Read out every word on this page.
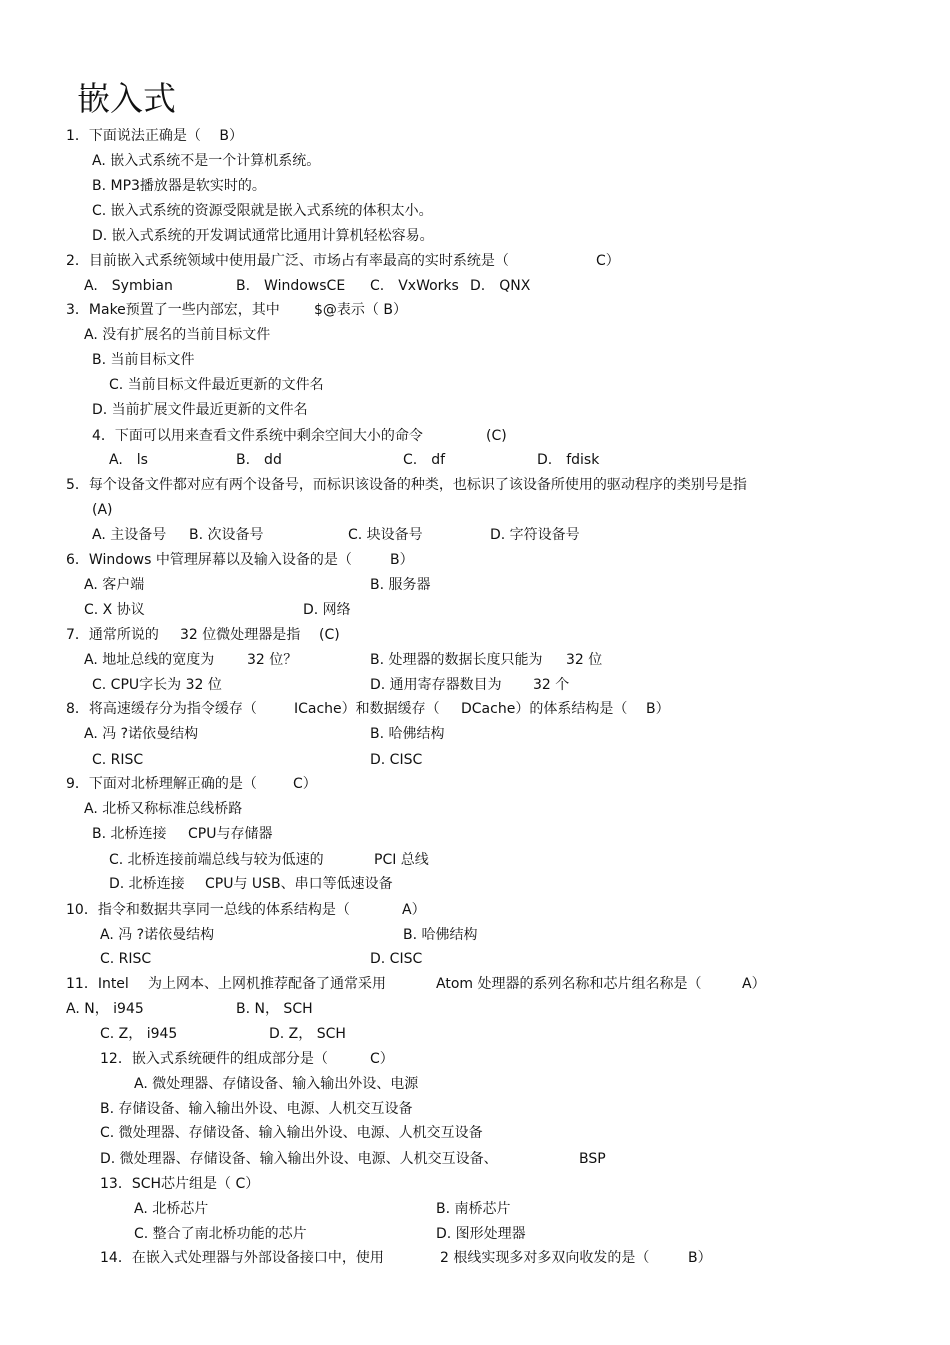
嵌入式
1．下面说法正确是（　 B）
A. 嵌入式系统不是一个计算机系统。
B. MP3播放器是软实时的。
C. 嵌入式系统的资源受限就是嵌入式系统的体积太小。
D. 嵌入式系统的开发调试通常比通用计算机轻松容易。
2．目前嵌入式系统领域中使用最广泛、市场占有率最高的实时系统是（	C）
A.　Symbian	B.　WindowsCE C.　VxWorks D.　QNX
3．Make预置了一些内部宏，其中 $@表示（ B）
A. 没有扩展名的当前目标文件
B. 当前目标文件
C. 当前目标文件最近更新的文件名
D. 当前扩展文件最近更新的文件名
4．下面可以用来查看文件系统中剩余空间大小的命令	(C)
A.　ls	B.　dd	C.　df	D.　fdisk
5．每个设备文件都对应有两个设备号，而标识该设备的种类，也标识了该设备所使用的驱动程序的类别号是指
(A)
A. 主设备号 B. 次设备号	C. 块设备号	D. 字符设备号
6．Windows 中管理屏幕以及输入设备的是（	B）
A. 客户端	B. 服务器
C. X 协议	D. 网络
7．通常所说的 32 位微处理器是指 (C)
A. 地址总线的宽度为 32 位？	B. 处理器的数据长度只能为 32 位
C. CPU字长为 32 位	D. 通用寄存器数目为 32 个
8．将高速缓存分为指令缓存（	ICache）和数据缓存（ DCache）的体系结构是（ B）
A. 冯 ?诺依曼结构	B. 哈佛结构
C. RISC	D. CISC
9．下面对北桥理解正确的是（	C）
A. 北桥又称标准总线桥路
B. 北桥连接 CPU与存储器
C. 北桥连接前端总线与较为低速的	PCI 总线
D. 北桥连接 CPU与 USB、串口等低速设备
10．指令和数据共享同一总线的体系结构是（	A）
A. 冯 ?诺依曼结构	B. 哈佛结构
C. RISC	D. CISC
11．Intel 为上网本、上网机推荐配备了通常采用	Atom 处理器的系列名称和芯片组名称是（	A）
A. N， i945	B. N， SCH
C. Z， i945	D. Z， SCH
12．嵌入式系统硬件的组成部分是（	C）
A. 微处理器、存储设备、输入输出外设、电源
B. 存储设备、输入输出外设、电源、人机交互设备
C. 微处理器、存储设备、输入输出外设、电源、人机交互设备
D. 微处理器、存储设备、输入输出外设、电源、人机交互设备、	BSP
13．SCH芯片组是（ C）
A. 北桥芯片	B. 南桥芯片
C. 整合了南北桥功能的芯片	D. 图形处理器
14．在嵌入式处理器与外部设备接口中，使用	2 根线实现多对多双向收发的是（	B）
